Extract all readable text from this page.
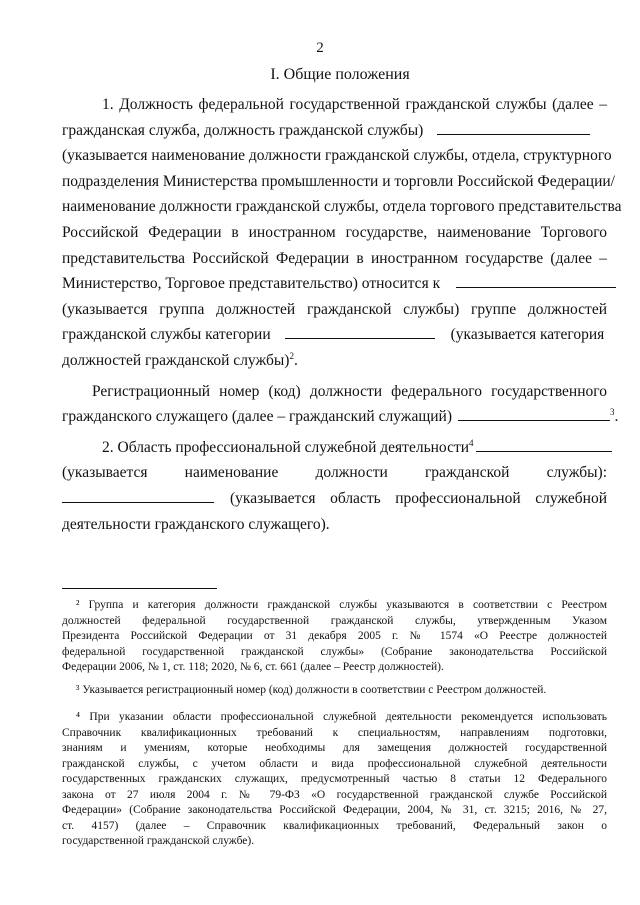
2
I. Общие положения
1. Должность федеральной государственной гражданской службы (далее –
гражданская служба, должность гражданской службы)
(указывается наименование должности гражданской службы, отдела, структурного
подразделения Министерства промышленности и торговли Российской Федерации/
наименование должности гражданской службы, отдела торгового представительства
Российской Федерации в иностранном государстве, наименование Торгового
представительства Российской Федерации в иностранном государстве (далее –
Министерство, Торговое представительство) относится к
(указывается группа должностей гражданской службы) группе должностей
гражданской службы категории	(указывается категория
должностей гражданской службы)$^2$.
Регистрационный номер (код) должности федерального государственного
гражданского служащего (далее – гражданский служащий)	$^3$.
2. Область профессиональной служебной деятельности$^4$
(указывается наименование должности гражданской службы):
(указывается область профессиональной служебной
деятельности гражданского служащего).
² Группа и категория должности гражданской службы указываются в соответствии с Реестром
должностей федеральной государственной гражданской службы, утвержденным Указом
Президента Российской Федерации от 31 декабря 2005 г. № 1574 «О Реестре должностей
федеральной государственной гражданской службы» (Собрание законодательства Российской
Федерации 2006, № 1, ст. 118; 2020, № 6, ст. 661 (далее – Реестр должностей).
³ Указывается регистрационный номер (код) должности в соответствии с Реестром должностей.
⁴ При указании области профессиональной служебной деятельности рекомендуется использовать
Справочник квалификационных требований к специальностям, направлениям подготовки,
знаниям и умениям, которые необходимы для замещения должностей государственной
гражданской службы, с учетом области и вида профессиональной служебной деятельности
государственных гражданских служащих, предусмотренный частью 8 статьи 12 Федерального
закона от 27 июля 2004 г. № 79-ФЗ «О государственной гражданской службе Российской
Федерации» (Собрание законодательства Российской Федерации, 2004, № 31, ст. 3215; 2016, № 27,
ст. 4157) (далее – Справочник квалификационных требований, Федеральный закон о
государственной гражданской службе).
